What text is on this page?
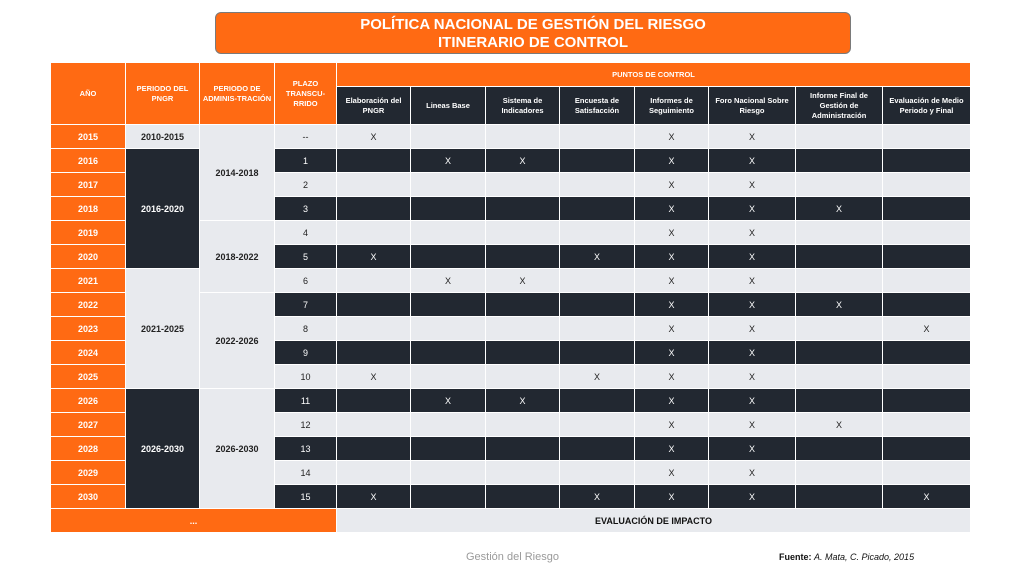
POLÍTICA NACIONAL DE GESTIÓN DEL RIESGO
ITINERARIO DE CONTROL
AÑO	PERIODO DEL PNGR	PERIODO DE ADMINIS-TRACIÓN	PLAZO TRANSCU-RRIDO	PUNTOS DE CONTROL							
				Elaboración del PNGR	Lineas Base	Sistema de Indicadores	Encuesta de Satisfacción	Informes de Seguimiento	Foro Nacional Sobre Riesgo	Informe Final de Gestión de Administración	Evaluación de Medio Periodo y Final
2015	2010-2015	2014-2018	--	X				X	X		
2016	2016-2020		1		X	X		X	X		
2017			2					X	X		
2018			3					X	X	X	
2019		2018-2022	4					X	X		
2020			5	X			X	X	X		
2021	2021-2025		6		X	X		X	X		
2022		2022-2026	7					X	X	X	
2023			8					X	X		X
2024			9					X	X		
2025			10	X			X	X	X		
2026	2026-2030	2026-2030	11		X	X		X	X		
2027			12					X	X	X	
2028			13					X	X		
2029			14					X	X		
2030			15	X			X	X	X		X
...				EVALUACIÓN DE IMPACTO							
Gestión del Riesgo	Fuente: A. Mata, C. Picado, 2015
